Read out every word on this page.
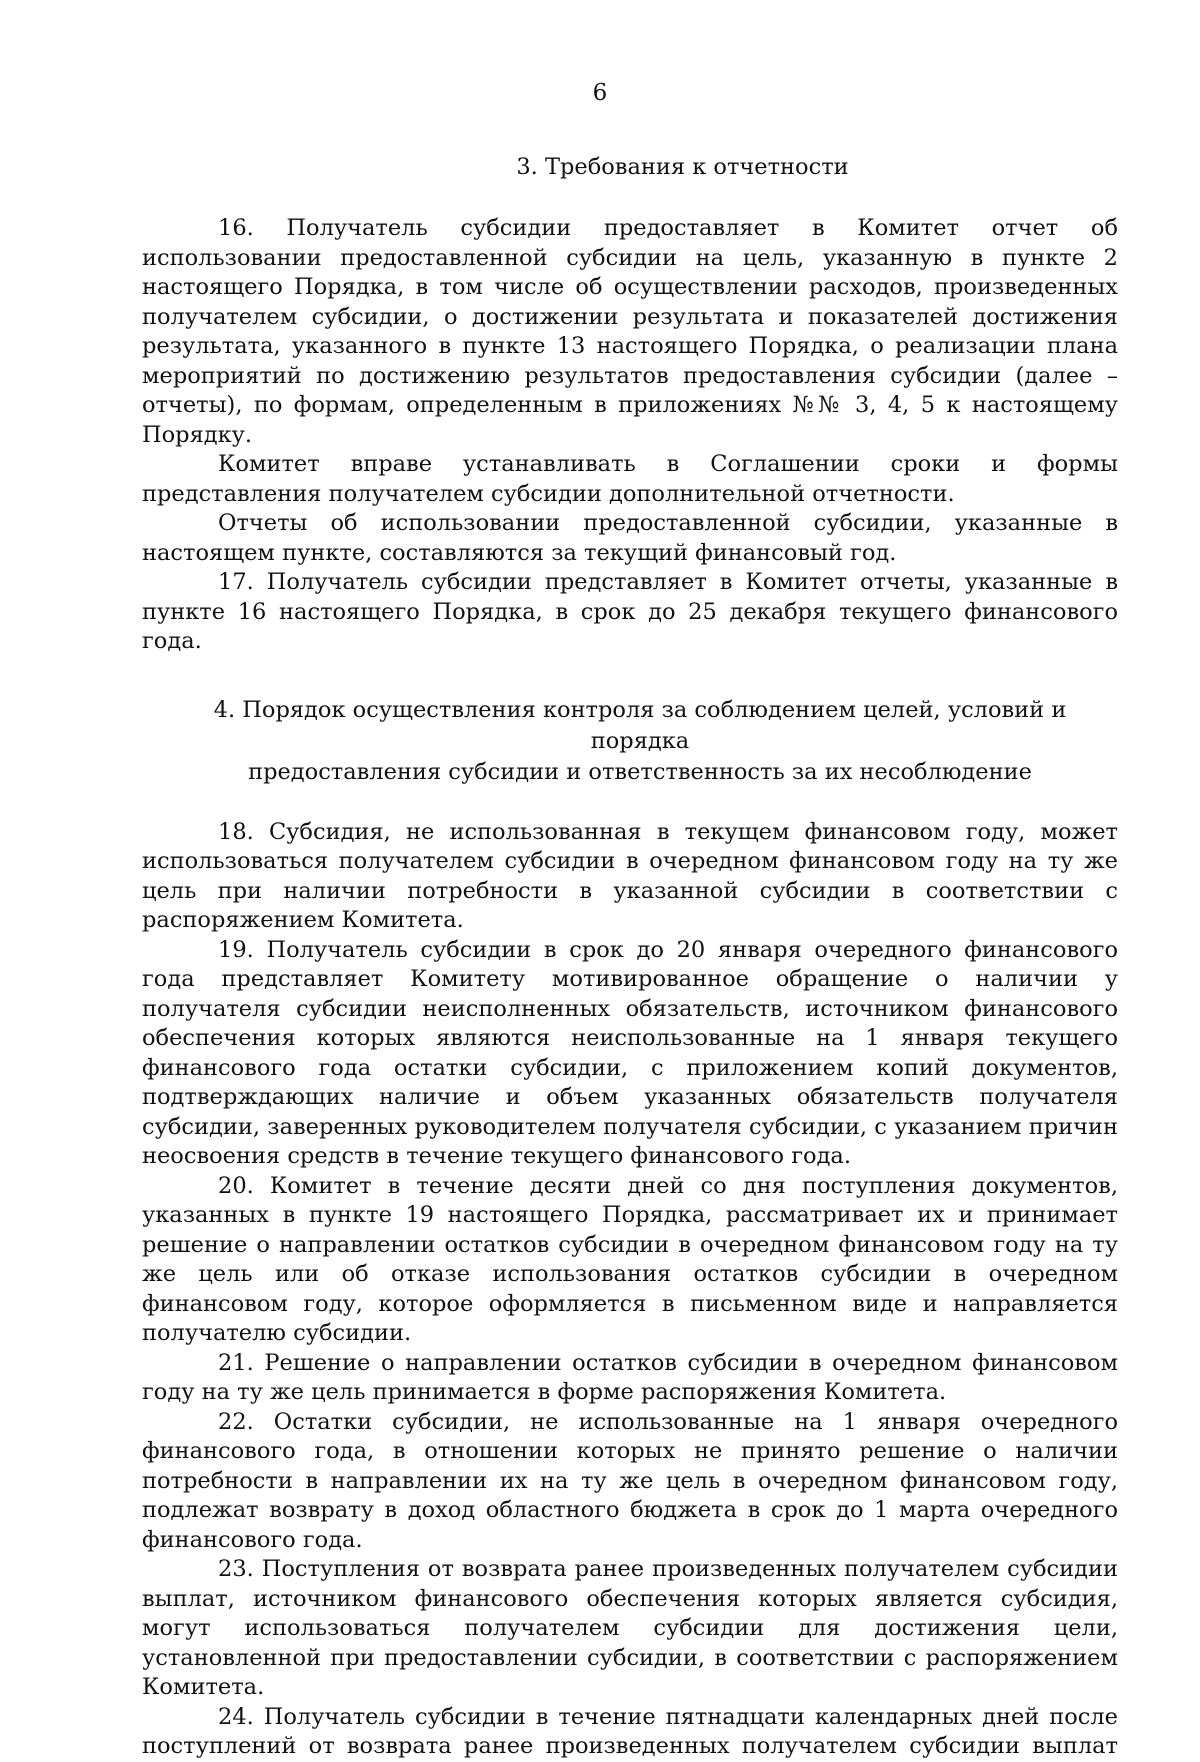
6

3. Требования к отчетности

16. Получатель субсидии предоставляет в Комитет отчет об использовании предоставленной субсидии на цель, указанную в пункте 2 настоящего Порядка, в том числе об осуществлении расходов, произведенных получателем субсидии, о достижении результата и показателей достижения результата, указанного в пункте 13 настоящего Порядка, о реализации плана мероприятий по достижению результатов предоставления субсидии (далее – отчеты), по формам, определенным в приложениях №№ 3, 4, 5 к настоящему Порядку.

Комитет вправе устанавливать в Соглашении сроки и формы представления получателем субсидии дополнительной отчетности.

Отчеты об использовании предоставленной субсидии, указанные в настоящем пункте, составляются за текущий финансовый год.

17. Получатель субсидии представляет в Комитет отчеты, указанные в пункте 16 настоящего Порядка, в срок до 25 декабря текущего финансового года.

4. Порядок осуществления контроля за соблюдением целей, условий и порядка
предоставления субсидии и ответственность за их несоблюдение

18. Субсидия, не использованная в текущем финансовом году, может использоваться получателем субсидии в очередном финансовом году на ту же цель при наличии потребности в указанной субсидии в соответствии с распоряжением Комитета.

19. Получатель субсидии в срок до 20 января очередного финансового года представляет Комитету мотивированное обращение о наличии у получателя субсидии неисполненных обязательств, источником финансового обеспечения которых являются неиспользованные на 1 января текущего финансового года остатки субсидии, с приложением копий документов, подтверждающих наличие и объем указанных обязательств получателя субсидии, заверенных руководителем получателя субсидии, с указанием причин неосвоения средств в течение текущего финансового года.

20. Комитет в течение десяти дней со дня поступления документов, указанных в пункте 19 настоящего Порядка, рассматривает их и принимает решение о направлении остатков субсидии в очередном финансовом году на ту же цель или об отказе использования остатков субсидии в очередном финансовом году, которое оформляется в письменном виде и направляется получателю субсидии.

21. Решение о направлении остатков субсидии в очередном финансовом году на ту же цель принимается в форме распоряжения Комитета.

22. Остатки субсидии, не использованные на 1 января очередного финансового года, в отношении которых не принято решение о наличии потребности в направлении их на ту же цель в очередном финансовом году, подлежат возврату в доход областного бюджета в срок до 1 марта очередного финансового года.

23. Поступления от возврата ранее произведенных получателем субсидии выплат, источником финансового обеспечения которых является субсидия, могут использоваться получателем субсидии для достижения цели, установленной при предоставлении субсидии, в соответствии с распоряжением Комитета.

24. Получатель субсидии в течение пятнадцати календарных дней после поступлений от возврата ранее произведенных получателем субсидии выплат
